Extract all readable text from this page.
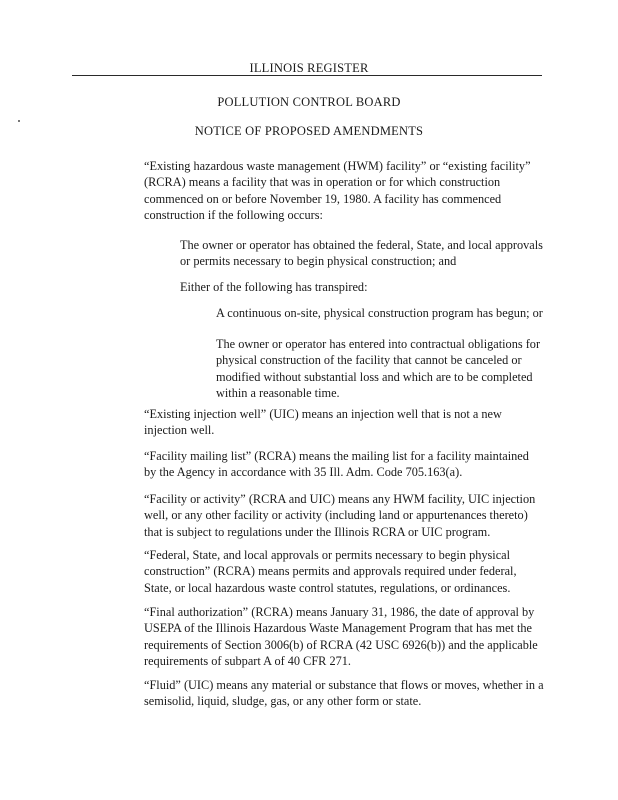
ILLINOIS REGISTER
POLLUTION CONTROL BOARD
NOTICE OF PROPOSED AMENDMENTS

“Existing hazardous waste management (HWM) facility” or “existing facility” (RCRA) means a facility that was in operation or for which construction commenced on or before November 19, 1980. A facility has commenced construction if the following occurs:

The owner or operator has obtained the federal, State, and local approvals or permits necessary to begin physical construction; and

Either of the following has transpired:

A continuous on-site, physical construction program has begun; or

The owner or operator has entered into contractual obligations for physical construction of the facility that cannot be canceled or modified without substantial loss and which are to be completed within a reasonable time.

“Existing injection well” (UIC) means an injection well that is not a new injection well.

“Facility mailing list” (RCRA) means the mailing list for a facility maintained by the Agency in accordance with 35 Ill. Adm. Code 705.163(a).

“Facility or activity” (RCRA and UIC) means any HWM facility, UIC injection well, or any other facility or activity (including land or appurtenances thereto) that is subject to regulations under the Illinois RCRA or UIC program.

“Federal, State, and local approvals or permits necessary to begin physical construction” (RCRA) means permits and approvals required under federal, State, or local hazardous waste control statutes, regulations, or ordinances.

“Final authorization” (RCRA) means January 31, 1986, the date of approval by USEPA of the Illinois Hazardous Waste Management Program that has met the requirements of Section 3006(b) of RCRA (42 USC 6926(b)) and the applicable requirements of subpart A of 40 CFR 271.

“Fluid” (UIC) means any material or substance that flows or moves, whether in a semisolid, liquid, sludge, gas, or any other form or state.
